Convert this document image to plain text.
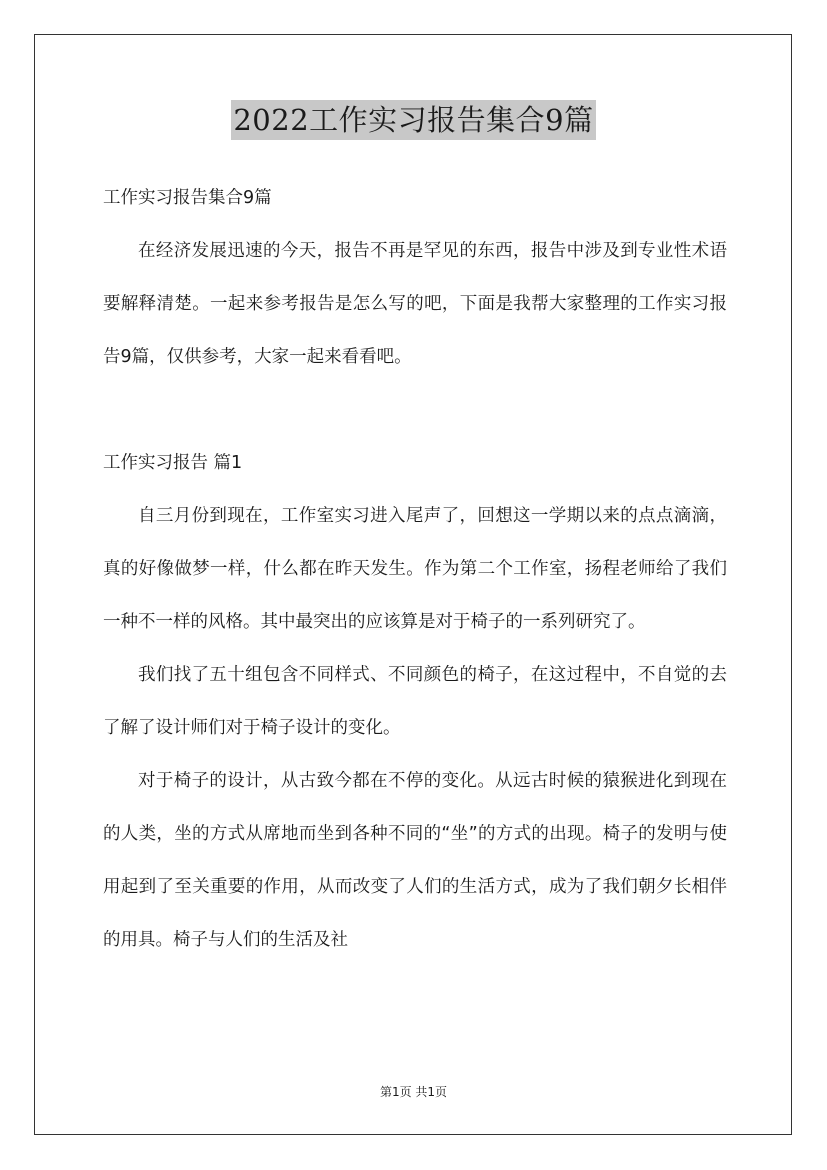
2022工作实习报告集合9篇

工作实习报告集合9篇

在经济发展迅速的今天，报告不再是罕见的东西，报告中涉及到专业性术语要解释清楚。一起来参考报告是怎么写的吧，下面是我帮大家整理的工作实习报告9篇，仅供参考，大家一起来看看吧。

工作实习报告 篇1

自三月份到现在，工作室实习进入尾声了，回想这一学期以来的点点滴滴，真的好像做梦一样，什么都在昨天发生。作为第二个工作室，扬程老师给了我们一种不一样的风格。其中最突出的应该算是对于椅子的一系列研究了。

我们找了五十组包含不同样式、不同颜色的椅子，在这过程中，不自觉的去了解了设计师们对于椅子设计的变化。

对于椅子的设计，从古致今都在不停的变化。从远古时候的猿猴进化到现在的人类，坐的方式从席地而坐到各种不同的“坐”的方式的出现。椅子的发明与使用起到了至关重要的作用，从而改变了人们的生活方式，成为了我们朝夕长相伴的用具。椅子与人们的生活及社

第1页 共1页
